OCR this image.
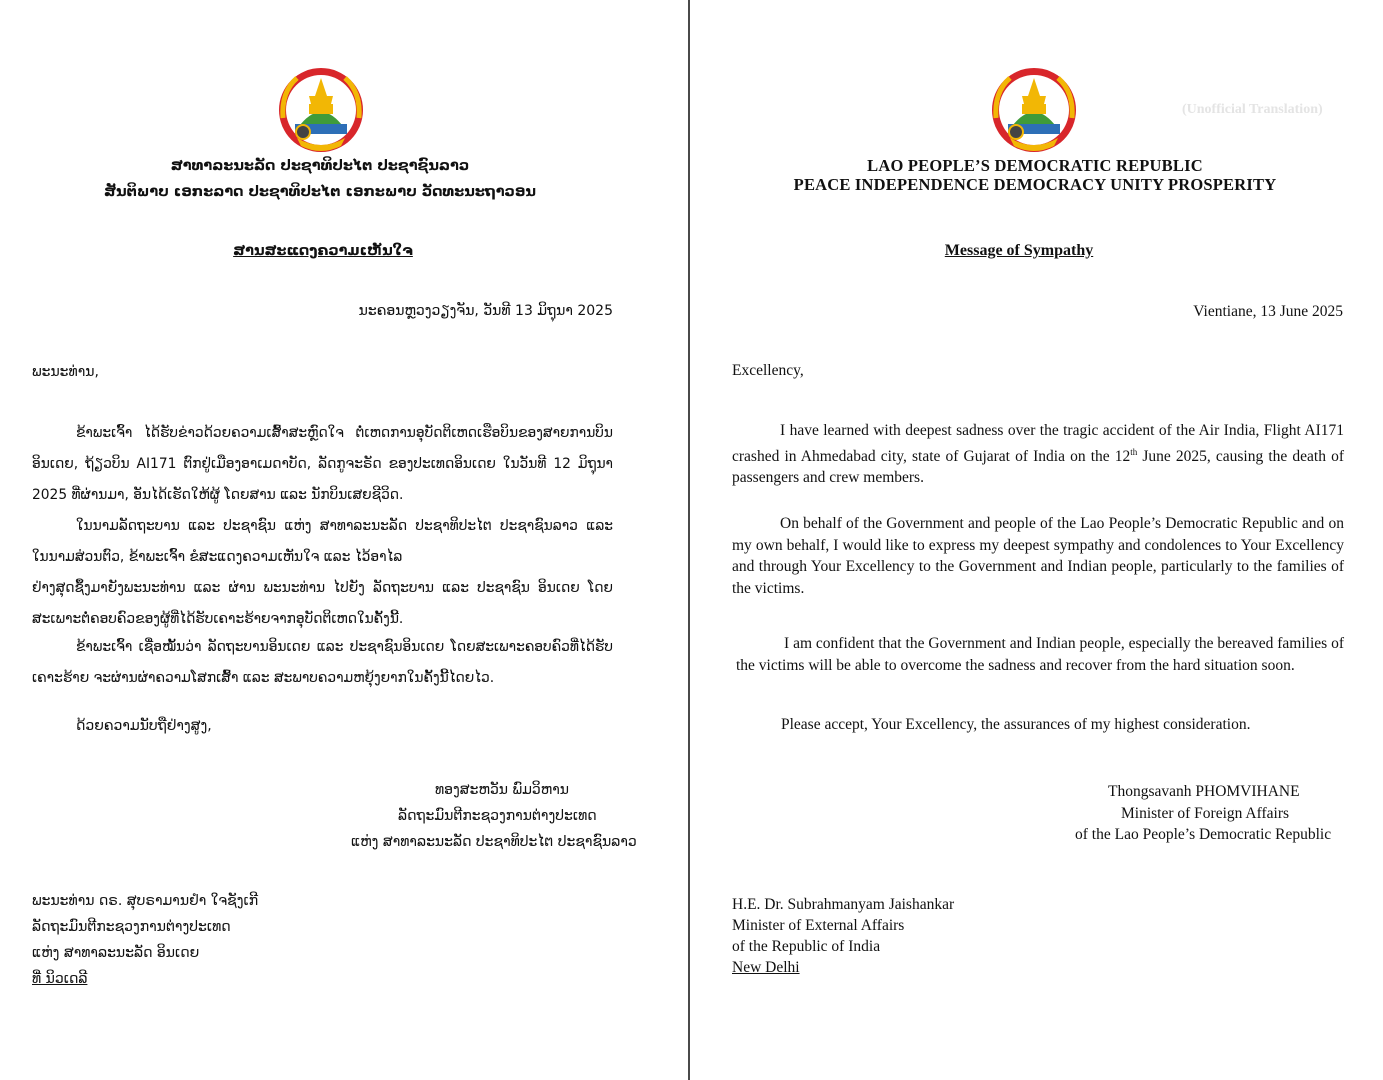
ສາທາລະນະລັດ ປະຊາທິປະໄຕ ປະຊາຊົນລາວ
ສັນຕິພາບ ເອກະລາດ ປະຊາທິປະໄຕ ເອກະພາບ ວັດທະນະຖາວອນ
ສານສະແດງຄວາມເຫັນໃຈ
ນະຄອນຫຼວງວຽງຈັນ, ວັນທີ 13 ມິຖຸນາ 2025
ພະນະທ່ານ,
ຂ້າພະເຈົ້າ ໄດ້ຮັບຂ່າວດ້ວຍຄວາມເສົ້າສະຫຼົດໃຈ ຕໍ່ເຫດການອຸບັດຕິເຫດເຮືອບິນຂອງສາຍການບິນອິນເດຍ, ຖ້ຽວບິນ AI171 ຕົກຢູ່ເມືອງອາເມດາບັດ, ລັດກູຈະຣັດ ຂອງປະເທດອິນເດຍ ໃນວັນທີ 12 ມິຖຸນາ 2025 ທີ່ຜ່ານມາ, ອັນໄດ້ເຮັດໃຫ້ຜູ້ ໂດຍສານ ແລະ ນັກບິນເສຍຊີວິດ.
ໃນນາມລັດຖະບານ ແລະ ປະຊາຊົນ ແຫ່ງ ສາທາລະນະລັດ ປະຊາທິປະໄຕ ປະຊາຊົນລາວ ແລະ ໃນນາມສ່ວນຕົວ, ຂ້າພະເຈົ້າ ຂໍສະແດງຄວາມເຫັນໃຈ ແລະ ໄວ້ອາໄລ
ຢ່າງສຸດຊຶ້ງມາຍັງພະນະທ່ານ ແລະ ຜ່ານ ພະນະທ່ານ ໄປຍັງ ລັດຖະບານ ແລະ ປະຊາຊົນ ອິນເດຍ ໂດຍສະເພາະຕໍ່ຄອບຄົວຂອງຜູ້ທີ່ໄດ້ຮັບເຄາະຮ້າຍຈາກອຸບັດຕິເຫດໃນຄັ້ງນີ້.
ຂ້າພະເຈົ້າ ເຊື່ອໝັ້ນວ່າ ລັດຖະບານອິນເດຍ ແລະ ປະຊາຊົນອິນເດຍ ໂດຍສະເພາະຄອບຄົວທີ່ໄດ້ຮັບເຄາະຮ້າຍ ຈະຜ່ານຜ່າຄວາມໂສກເສົ້າ ແລະ ສະພາບຄວາມຫຍຸ້ງຍາກໃນຄັ້ງນີ້ໄດຍໄວ.
ດ້ວຍຄວາມນັບຖືຢ່າງສູງ,
ທອງສະຫວັນ ພົມວິຫານ
ລັດຖະມົນຕີກະຊວງການຕ່າງປະເທດ
ແຫ່ງ ສາທາລະນະລັດ ປະຊາທິປະໄຕ ປະຊາຊົນລາວ
ພະນະທ່ານ ດຣ. ສຸບຣາມານຢຳ ໃຈຊັງເກີ
ລັດຖະມົນຕີກະຊວງການຕ່າງປະເທດ
ແຫ່ງ ສາທາລະນະລັດ ອິນເດຍ
ທີ່ ນິວເດລີ
(Unofficial Translation)
LAO PEOPLE’S DEMOCRATIC REPUBLIC
PEACE INDEPENDENCE DEMOCRACY UNITY PROSPERITY
Message of Sympathy
Vientiane, 13 June 2025
Excellency,
I have learned with deepest sadness over the tragic accident of the Air India, Flight AI171 crashed in Ahmedabad city, state of Gujarat of India on the 12th June 2025, causing the death of passengers and crew members.
On behalf of the Government and people of the Lao People’s Democratic Republic and on my own behalf, I would like to express my deepest sympathy and condolences to Your Excellency and through Your Excellency to the Government and Indian people, particularly to the families of the victims.
I am confident that the Government and Indian people, especially the bereaved families of the victims will be able to overcome the sadness and recover from the hard situation soon.
Please accept, Your Excellency, the assurances of my highest consideration.
Thongsavanh PHOMVIHANE
Minister of Foreign Affairs
of the Lao People’s Democratic Republic
H.E. Dr. Subrahmanyam Jaishankar
Minister of External Affairs
of the Republic of India
New Delhi
